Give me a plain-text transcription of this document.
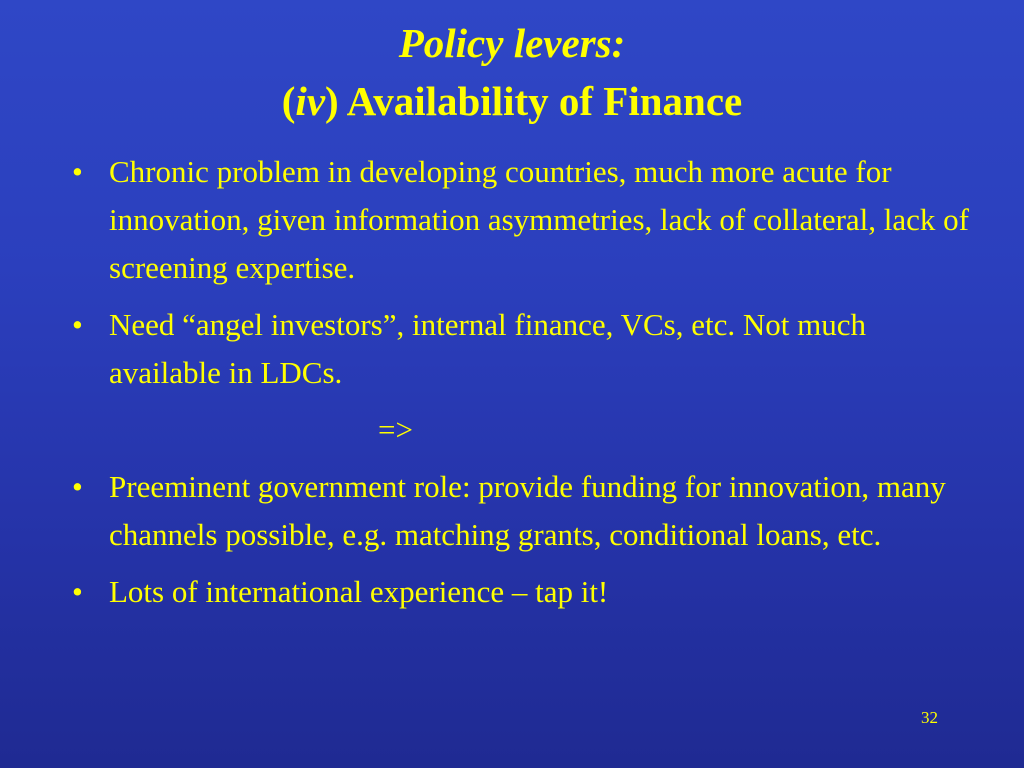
Policy levers:
(iv) Availability of Finance
• Chronic problem in developing countries, much more acute for innovation, given information asymmetries, lack of collateral, lack of screening expertise.
• Need “angel investors”, internal finance, VCs, etc. Not much available in LDCs.
=>
• Preeminent government role: provide funding for innovation, many channels possible, e.g. matching grants, conditional loans, etc.
• Lots of international experience – tap it!
32
